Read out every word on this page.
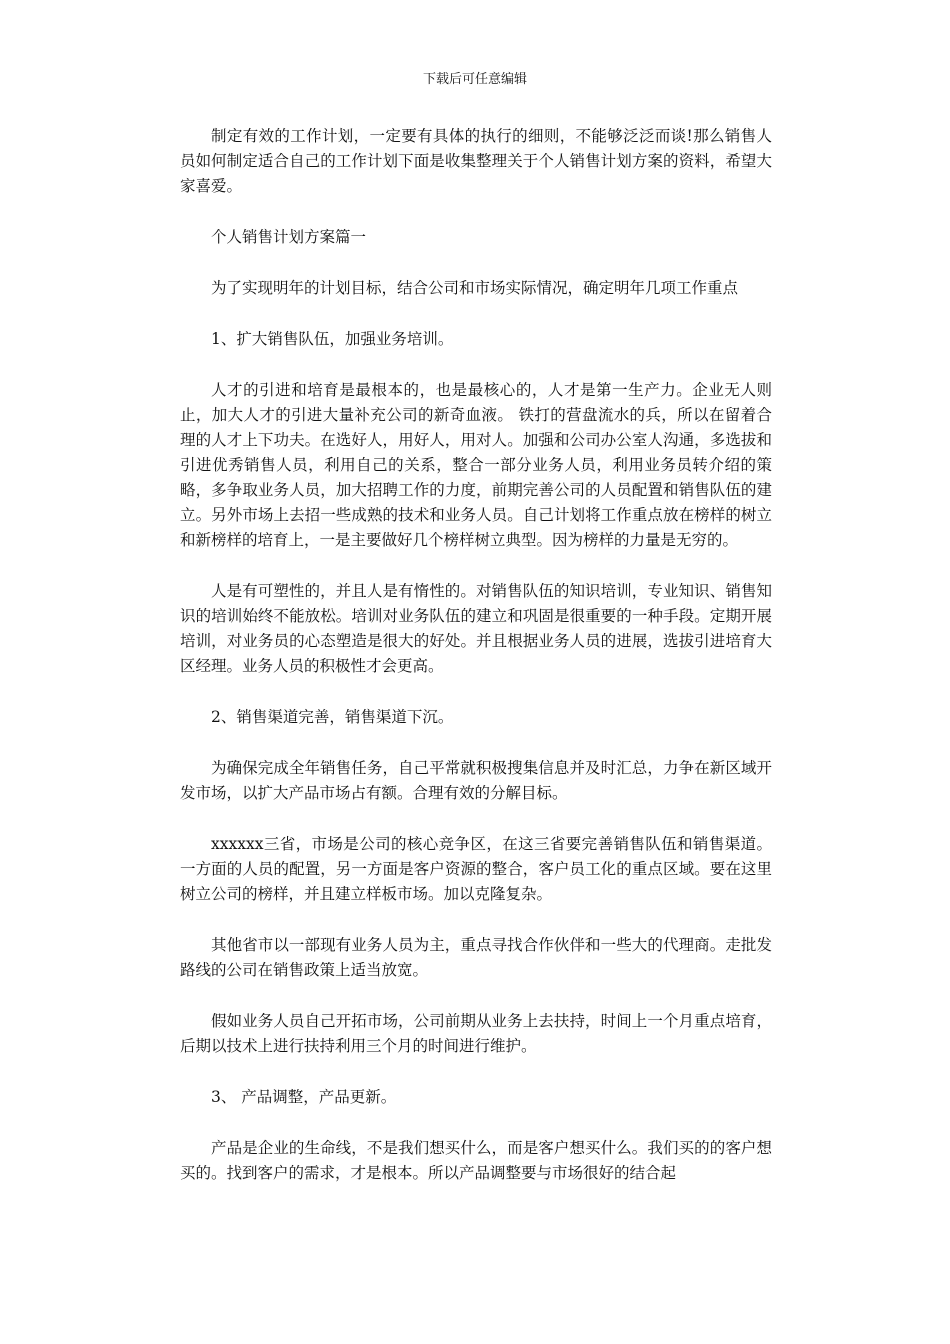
下载后可任意编辑

制定有效的工作计划，一定要有具体的执行的细则，不能够泛泛而谈!那么销售人员如何制定适合自己的工作计划下面是收集整理关于个人销售计划方案的资料，希望大家喜爱。

个人销售计划方案篇一

为了实现明年的计划目标，结合公司和市场实际情况，确定明年几项工作重点

1、扩大销售队伍，加强业务培训。

人才的引进和培育是最根本的，也是最核心的，人才是第一生产力。企业无人则止，加大人才的引进大量补充公司的新奇血液。 铁打的营盘流水的兵，所以在留着合理的人才上下功夫。在选好人，用好人，用对人。加强和公司办公室人沟通，多选拔和引进优秀销售人员，利用自己的关系，整合一部分业务人员，利用业务员转介绍的策略，多争取业务人员，加大招聘工作的力度，前期完善公司的人员配置和销售队伍的建立。另外市场上去招一些成熟的技术和业务人员。自己计划将工作重点放在榜样的树立和新榜样的培育上，一是主要做好几个榜样树立典型。因为榜样的力量是无穷的。

人是有可塑性的，并且人是有惰性的。对销售队伍的知识培训，专业知识、销售知识的培训始终不能放松。培训对业务队伍的建立和巩固是很重要的一种手段。定期开展培训，对业务员的心态塑造是很大的好处。并且根据业务人员的进展，选拔引进培育大区经理。业务人员的积极性才会更高。

2、销售渠道完善，销售渠道下沉。

为确保完成全年销售任务，自己平常就积极搜集信息并及时汇总，力争在新区域开发市场，以扩大产品市场占有额。合理有效的分解目标。

xxxxxx三省，市场是公司的核心竞争区，在这三省要完善销售队伍和销售渠道。一方面的人员的配置，另一方面是客户资源的整合，客户员工化的重点区域。要在这里树立公司的榜样，并且建立样板市场。加以克隆复杂。

其他省市以一部现有业务人员为主，重点寻找合作伙伴和一些大的代理商。走批发路线的公司在销售政策上适当放宽。

假如业务人员自己开拓市场，公司前期从业务上去扶持，时间上一个月重点培育，后期以技术上进行扶持利用三个月的时间进行维护。

3、 产品调整，产品更新。

产品是企业的生命线，不是我们想买什么，而是客户想买什么。我们买的的客户想买的。找到客户的需求，才是根本。所以产品调整要与市场很好的结合起
